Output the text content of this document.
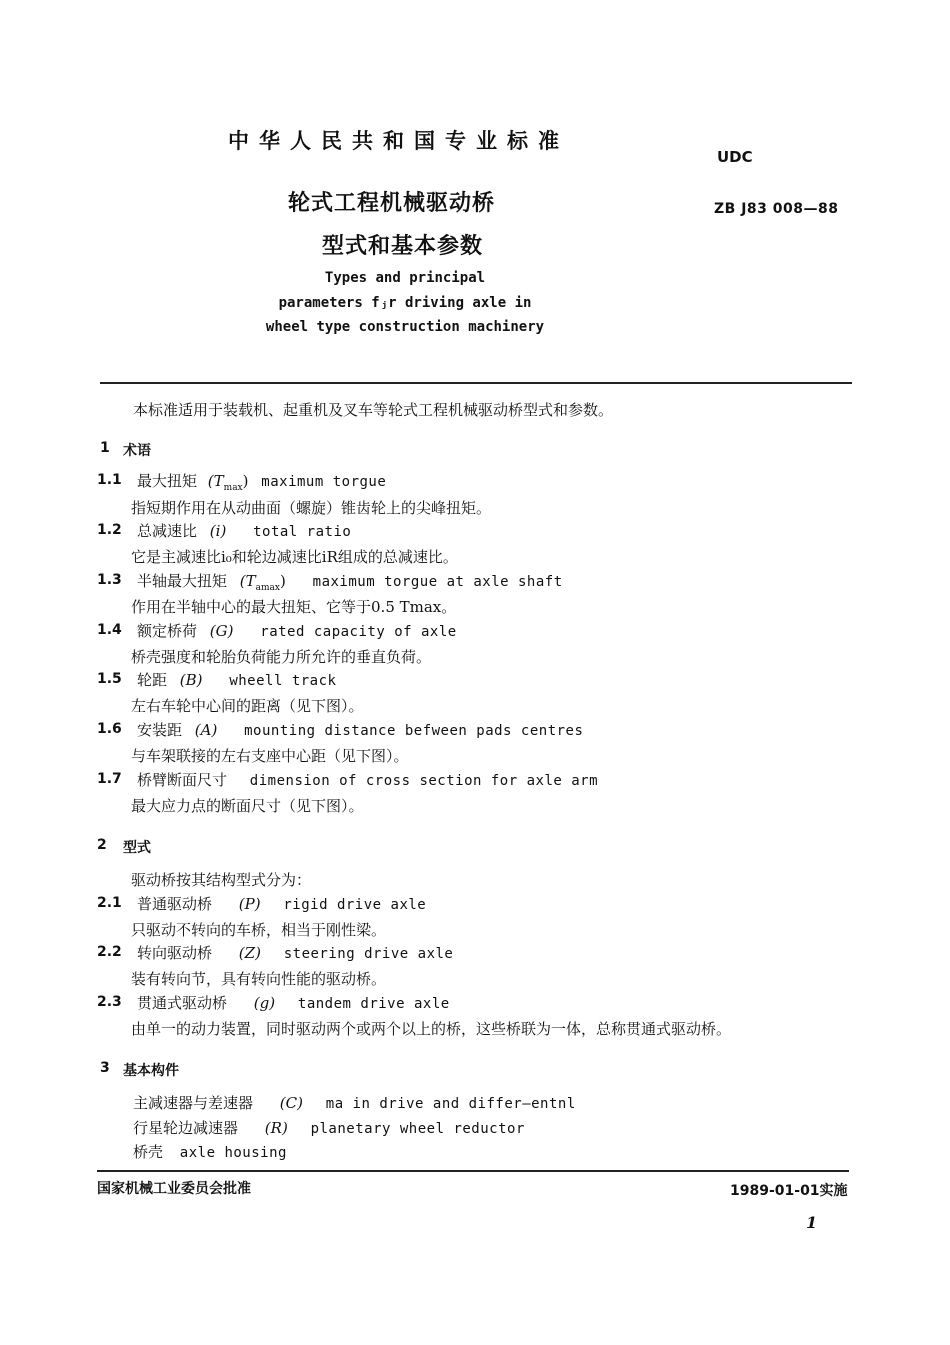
中华人民共和国专业标准
UDC
轮式工程机械驱动桥	ZB J83 008—88
型式和基本参数
Types and principal
parameters fⱼr driving axle in
wheel type construction machinery
本标准适用于装载机、起重机及叉车等轮式工程机械驱动桥型式和参数。
1 术语
1.1 最大扭矩 $(T_{max})$ maximum torgue
指短期作用在从动曲面（螺旋）锥齿轮上的尖峰扭矩。
1.2 总减速比 (i) total ratio
它是主减速比i₀和轮边减速比iR组成的总减速比。
1.3 半轴最大扭矩 $(T_{amax})$ maximum torgue at axle shaft
作用在半轴中心的最大扭矩、它等于0.5 Tmax。
1.4 额定桥荷 (G) rated capacity of axle
桥壳强度和轮胎负荷能力所允许的垂直负荷。
1.5 轮距 (B) wheell track
左右车轮中心间的距离（见下图）。
1.6 安装距 (A) mounting distance befween pads centres
与车架联接的左右支座中心距（见下图）。
1.7 桥臂断面尺寸 dimension of cross section for axle arm
最大应力点的断面尺寸（见下图）。
2 型式
驱动桥按其结构型式分为：
2.1 普通驱动桥 (P) rigid drive axle
只驱动不转向的车桥，相当于刚性梁。
2.2 转向驱动桥 (Z) steering drive axle
装有转向节，具有转向性能的驱动桥。
2.3 贯通式驱动桥 (g) tandem drive axle
由单一的动力装置，同时驱动两个或两个以上的桥，这些桥联为一体，总称贯通式驱动桥。
3 基本构件
主减速器与差速器 (C) ma in drive and differ—entnl
行星轮边减速器 (R) planetary wheel reductor
桥壳 axle housing
国家机械工业委员会批准	1989-01-01实施
1
